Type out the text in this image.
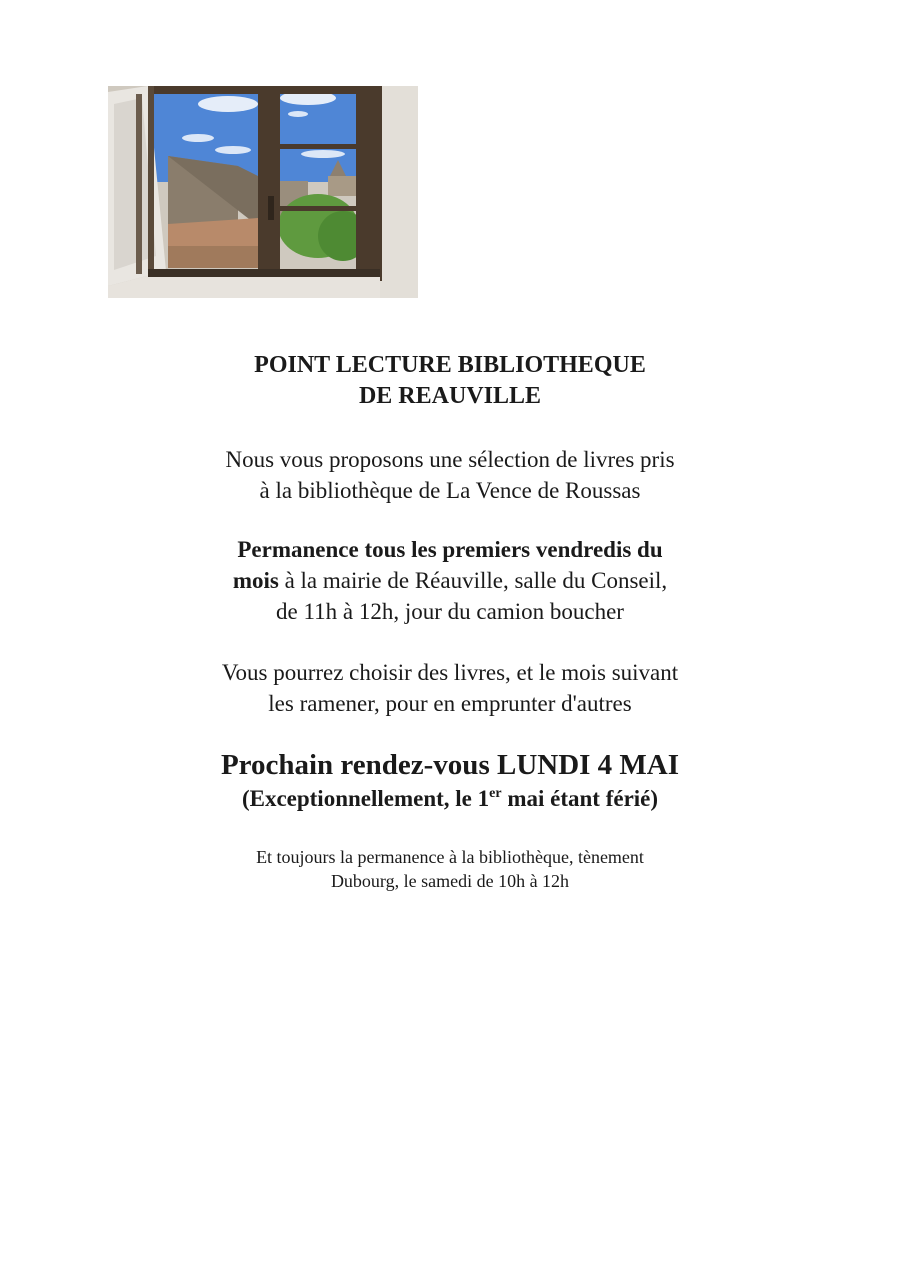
POINT LECTURE BIBLIOTHEQUE
DE REAUVILLE
Nous vous proposons une sélection de livres pris
à la bibliothèque de La Vence de Roussas
Permanence tous les premiers vendredis du
mois à la mairie de Réauville, salle du Conseil,
de 11h à 12h, jour du camion boucher
Vous pourrez choisir des livres, et le mois suivant
les ramener, pour en emprunter d'autres
Prochain rendez-vous LUNDI 4 MAI
(Exceptionnellement, le 1er mai étant férié)
Et toujours la permanence à la bibliothèque, tènement
Dubourg, le samedi de 10h à 12h
